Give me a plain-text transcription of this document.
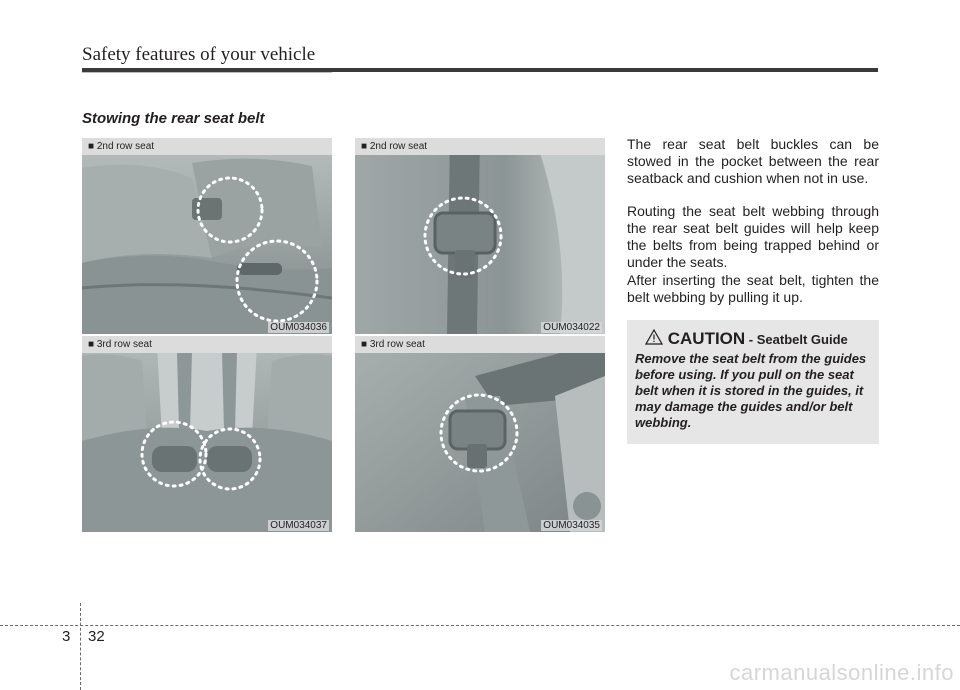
Safety features of your vehicle
Stowing the rear seat belt
■ 2nd row seat
OUM034036
■ 2nd row seat
OUM034022
■ 3rd row seat
OUM034037
■ 3rd row seat
OUM034035
The rear seat belt buckles can be stowed in the pocket between the rear seatback and cushion when not in use.
Routing the seat belt webbing through the rear seat belt guides will help keep the belts from being trapped behind or under the seats.
After inserting the seat belt, tighten the belt webbing by pulling it up.
CAUTION - Seatbelt Guide
Remove the seat belt from the guides before using. If you pull on the seat belt when it is stored in the guides, it may damage the guides and/or belt webbing.
3 32
carmanualsonline.info
